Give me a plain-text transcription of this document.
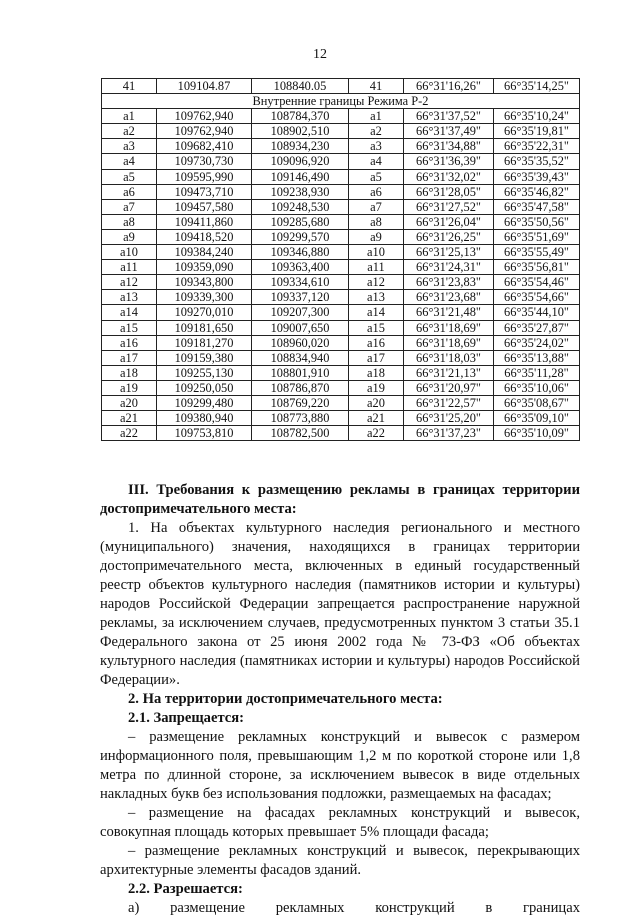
12
41	109104.87	108840.05	41	66°31'16,26"	66°35'14,25"
Внутренние границы Режима Р-2					
a1	109762,940	108784,370	a1	66°31'37,52"	66°35'10,24"
a2	109762,940	108902,510	a2	66°31'37,49"	66°35'19,81"
a3	109682,410	108934,230	a3	66°31'34,88"	66°35'22,31"
a4	109730,730	109096,920	a4	66°31'36,39"	66°35'35,52"
a5	109595,990	109146,490	a5	66°31'32,02"	66°35'39,43"
a6	109473,710	109238,930	a6	66°31'28,05"	66°35'46,82"
a7	109457,580	109248,530	a7	66°31'27,52"	66°35'47,58"
a8	109411,860	109285,680	a8	66°31'26,04"	66°35'50,56"
a9	109418,520	109299,570	a9	66°31'26,25"	66°35'51,69"
a10	109384,240	109346,880	a10	66°31'25,13"	66°35'55,49"
a11	109359,090	109363,400	a11	66°31'24,31"	66°35'56,81"
a12	109343,800	109334,610	a12	66°31'23,83"	66°35'54,46"
a13	109339,300	109337,120	a13	66°31'23,68"	66°35'54,66"
a14	109270,010	109207,300	a14	66°31'21,48"	66°35'44,10"
a15	109181,650	109007,650	a15	66°31'18,69"	66°35'27,87"
a16	109181,270	108960,020	a16	66°31'18,69"	66°35'24,02"
a17	109159,380	108834,940	a17	66°31'18,03"	66°35'13,88"
a18	109255,130	108801,910	a18	66°31'21,13"	66°35'11,28"
a19	109250,050	108786,870	a19	66°31'20,97"	66°35'10,06"
a20	109299,480	108769,220	a20	66°31'22,57"	66°35'08,67"
a21	109380,940	108773,880	a21	66°31'25,20"	66°35'09,10"
a22	109753,810	108782,500	a22	66°31'37,23"	66°35'10,09"

III. Требования к размещению рекламы в границах территории достопримечательного места:

1. На объектах культурного наследия регионального и местного (муниципального) значения, находящихся в границах территории достопримечательного места, включенных в единый государственный реестр объектов культурного наследия (памятников истории и культуры) народов Российской Федерации запрещается распространение наружной рекламы, за исключением случаев, предусмотренных пунктом 3 статьи 35.1 Федерального закона от 25 июня 2002 года № 73-ФЗ «Об объектах культурного наследия (памятниках истории и культуры) народов Российской Федерации».

2. На территории достопримечательного места:

2.1. Запрещается:

– размещение рекламных конструкций и вывесок с размером информационного поля, превышающим 1,2 м по короткой стороне или 1,8 метра по длинной стороне, за исключением вывесок в виде отдельных накладных букв без использования подложки, размещаемых на фасадах;

– размещение на фасадах рекламных конструкций и вывесок, совокупная площадь которых превышает 5% площади фасада;

– размещение рекламных конструкций и вывесок, перекрывающих архитектурные элементы фасадов зданий.

2.2. Разрешается:

а) размещение рекламных конструкций в границах
